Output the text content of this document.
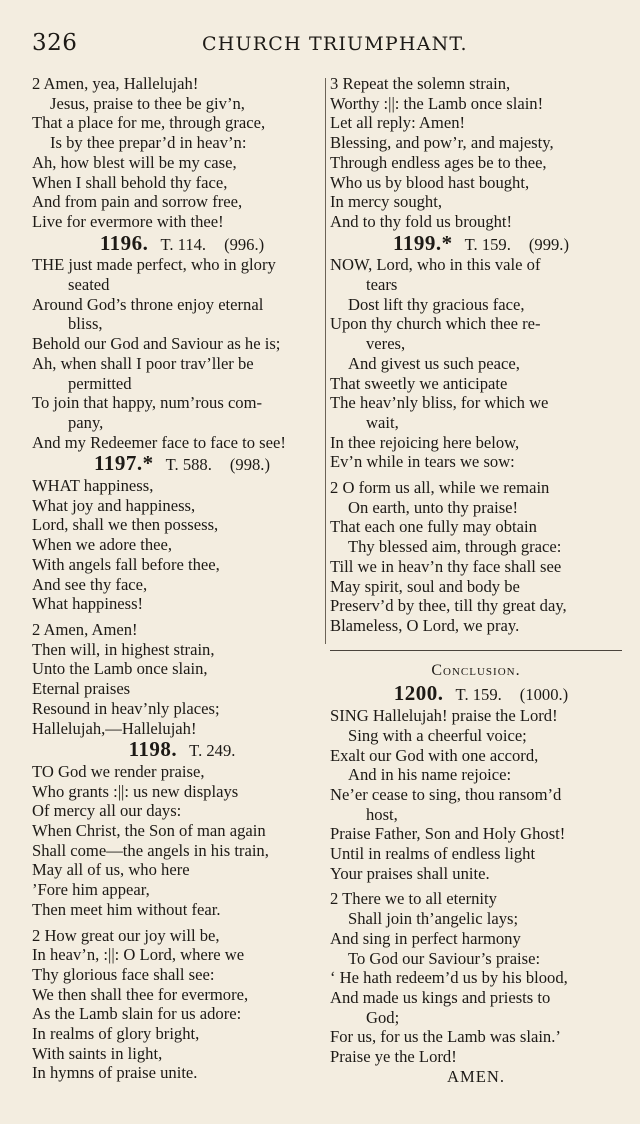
326	CHURCH TRIUMPHANT.
2 Amen, yea, Hallelujah!
Jesus, praise to thee be giv’n,
That a place for me, through grace,
Is by thee prepar’d in heav’n:
Ah, how blest will be my case,
When I shall behold thy face,
And from pain and sorrow free,
Live for evermore with thee!
1196. T. 114. (996.)
THE just made perfect, who in glory
seated
Around God’s throne enjoy eternal
bliss,
Behold our God and Saviour as he is;
Ah, when shall I poor trav’ller be
permitted
To join that happy, num’rous com-
pany,
And my Redeemer face to face to see!
1197.* T. 588. (998.)
WHAT happiness,
What joy and happiness,
Lord, shall we then possess,
When we adore thee,
With angels fall before thee,
And see thy face,
What happiness!
2 Amen, Amen!
Then will, in highest strain,
Unto the Lamb once slain,
Eternal praises
Resound in heav’nly places;
Hallelujah,—Hallelujah!
1198. T. 249.
TO God we render praise,
Who grants :||: us new displays
Of mercy all our days:
When Christ, the Son of man again
Shall come—the angels in his train,
May all of us, who here
’Fore him appear,
Then meet him without fear.
2 How great our joy will be,
In heav’n, :||: O Lord, where we
Thy glorious face shall see:
We then shall thee for evermore,
As the Lamb slain for us adore:
In realms of glory bright,
With saints in light,
In hymns of praise unite.
3 Repeat the solemn strain,
Worthy :||: the Lamb once slain!
Let all reply: Amen!
Blessing, and pow’r, and majesty,
Through endless ages be to thee,
Who us by blood hast bought,
In mercy sought,
And to thy fold us brought!
1199.* T. 159. (999.)
NOW, Lord, who in this vale of
tears
Dost lift thy gracious face,
Upon thy church which thee re-
veres,
And givest us such peace,
That sweetly we anticipate
The heav’nly bliss, for which we
wait,
In thee rejoicing here below,
Ev’n while in tears we sow:
2 O form us all, while we remain
On earth, unto thy praise!
That each one fully may obtain
Thy blessed aim, through grace:
Till we in heav’n thy face shall see
May spirit, soul and body be
Preserv’d by thee, till thy great day,
Blameless, O Lord, we pray.
Conclusion.
1200. T. 159. (1000.)
SING Hallelujah! praise the Lord!
Sing with a cheerful voice;
Exalt our God with one accord,
And in his name rejoice:
Ne’er cease to sing, thou ransom’d
host,
Praise Father, Son and Holy Ghost!
Until in realms of endless light
Your praises shall unite.
2 There we to all eternity
Shall join th’angelic lays;
And sing in perfect harmony
To God our Saviour’s praise:
‘ He hath redeem’d us by his blood,
And made us kings and priests to
God;
For us, for us the Lamb was slain.’
Praise ye the Lord!
AMEN.
